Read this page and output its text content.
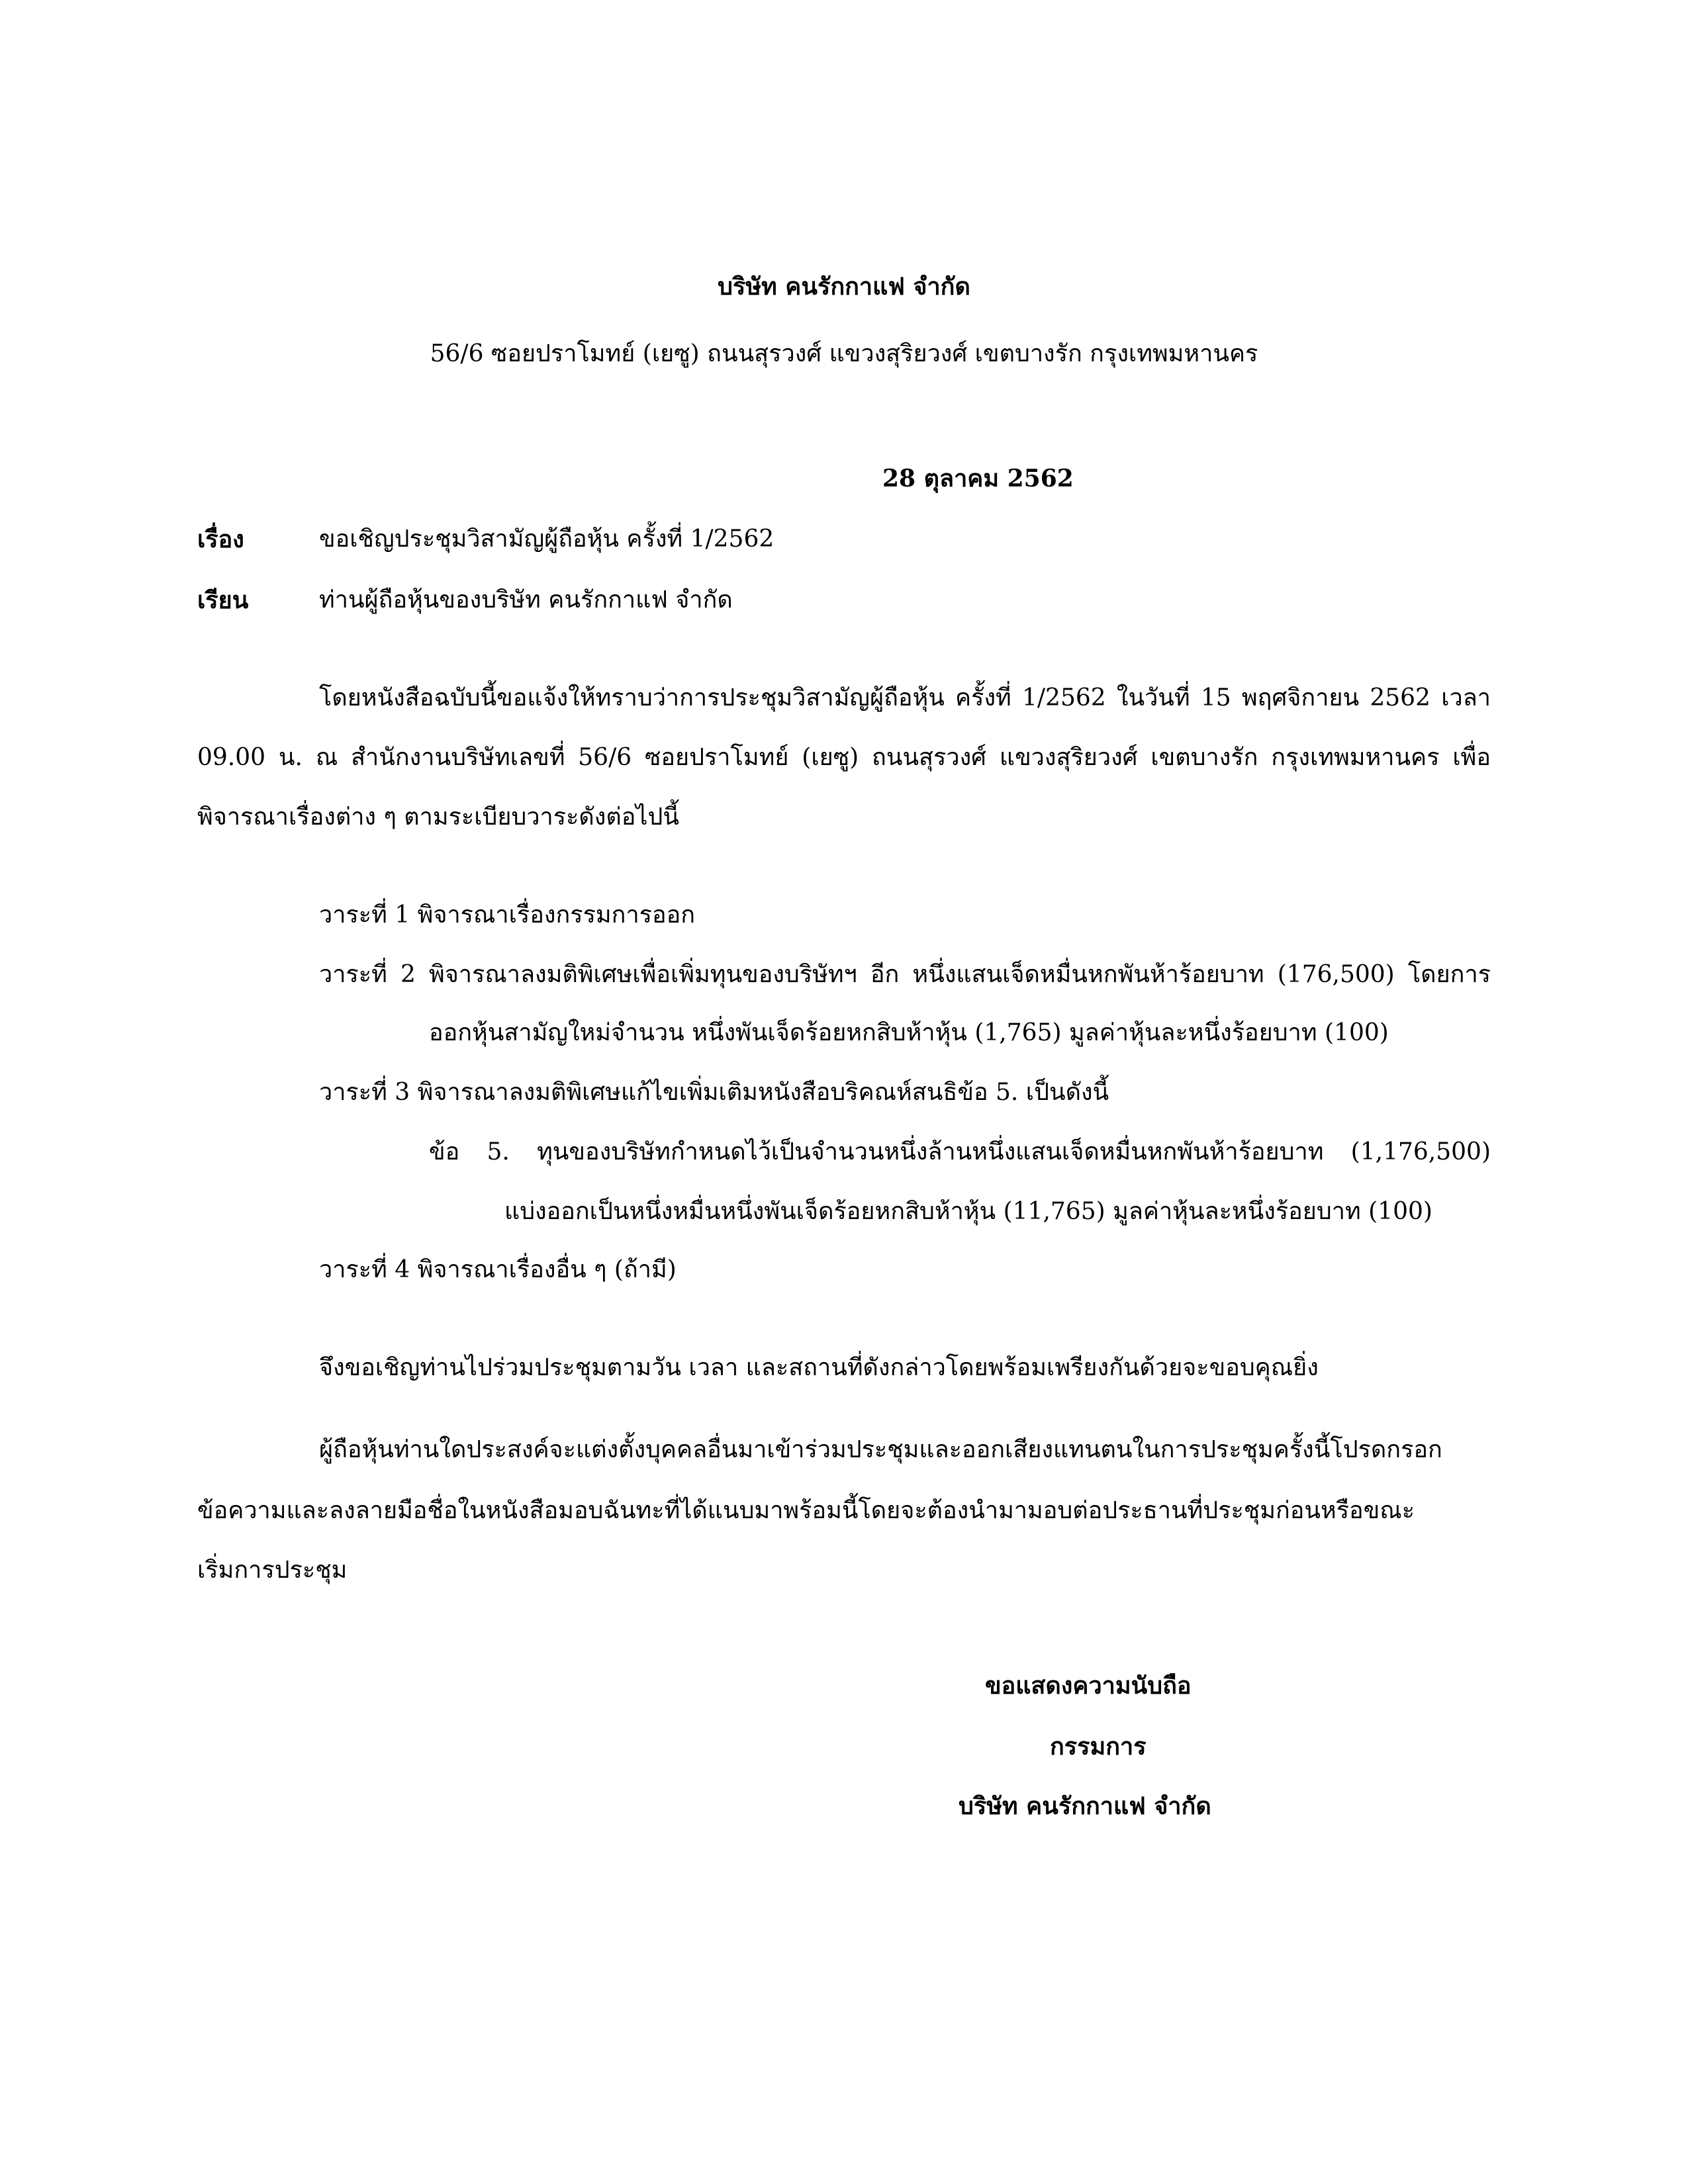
บริษัท คนรักกาแฟ จำกัด
56/6 ซอยปราโมทย์ (เยซู) ถนนสุรวงศ์ แขวงสุริยวงศ์ เขตบางรัก กรุงเทพมหานคร
28 ตุลาคม 2562
เรื่อง	ขอเชิญประชุมวิสามัญผู้ถือหุ้น ครั้งที่ 1/2562
เรียน	ท่านผู้ถือหุ้นของบริษัท คนรักกาแฟ จำกัด
โดยหนังสือฉบับนี้ขอแจ้งให้ทราบว่าการประชุมวิสามัญผู้ถือหุ้น ครั้งที่ 1/2562 ในวันที่ 15 พฤศจิกายน 2562 เวลา
09.00 น. ณ สำนักงานบริษัทเลขที่ 56/6 ซอยปราโมทย์ (เยซู) ถนนสุรวงศ์ แขวงสุริยวงศ์ เขตบางรัก กรุงเทพมหานคร เพื่อ
พิจารณาเรื่องต่าง ๆ ตามระเบียบวาระดังต่อไปนี้
วาระที่ 1 พิจารณาเรื่องกรรมการออก
วาระที่ 2 พิจารณาลงมติพิเศษเพื่อเพิ่มทุนของบริษัทฯ อีก หนึ่งแสนเจ็ดหมื่นหกพันห้าร้อยบาท (176,500) โดยการ
ออกหุ้นสามัญใหม่จำนวน หนึ่งพันเจ็ดร้อยหกสิบห้าหุ้น (1,765) มูลค่าหุ้นละหนึ่งร้อยบาท (100)
วาระที่ 3 พิจารณาลงมติพิเศษแก้ไขเพิ่มเติมหนังสือบริคณห์สนธิข้อ 5. เป็นดังนี้
ข้อ 5. ทุนของบริษัทกำหนดไว้เป็นจำนวนหนึ่งล้านหนึ่งแสนเจ็ดหมื่นหกพันห้าร้อยบาท (1,176,500)
แบ่งออกเป็นหนึ่งหมื่นหนึ่งพันเจ็ดร้อยหกสิบห้าหุ้น (11,765) มูลค่าหุ้นละหนึ่งร้อยบาท (100)
วาระที่ 4 พิจารณาเรื่องอื่น ๆ (ถ้ามี)
จึงขอเชิญท่านไปร่วมประชุมตามวัน เวลา และสถานที่ดังกล่าวโดยพร้อมเพรียงกันด้วยจะขอบคุณยิ่ง
ผู้ถือหุ้นท่านใดประสงค์จะแต่งตั้งบุคคลอื่นมาเข้าร่วมประชุมและออกเสียงแทนตนในการประชุมครั้งนี้โปรดกรอก
ข้อความและลงลายมือชื่อในหนังสือมอบฉันทะที่ได้แนบมาพร้อมนี้โดยจะต้องนำมามอบต่อประธานที่ประชุมก่อนหรือขณะ
เริ่มการประชุม
ขอแสดงความนับถือ
กรรมการ
บริษัท คนรักกาแฟ จำกัด
